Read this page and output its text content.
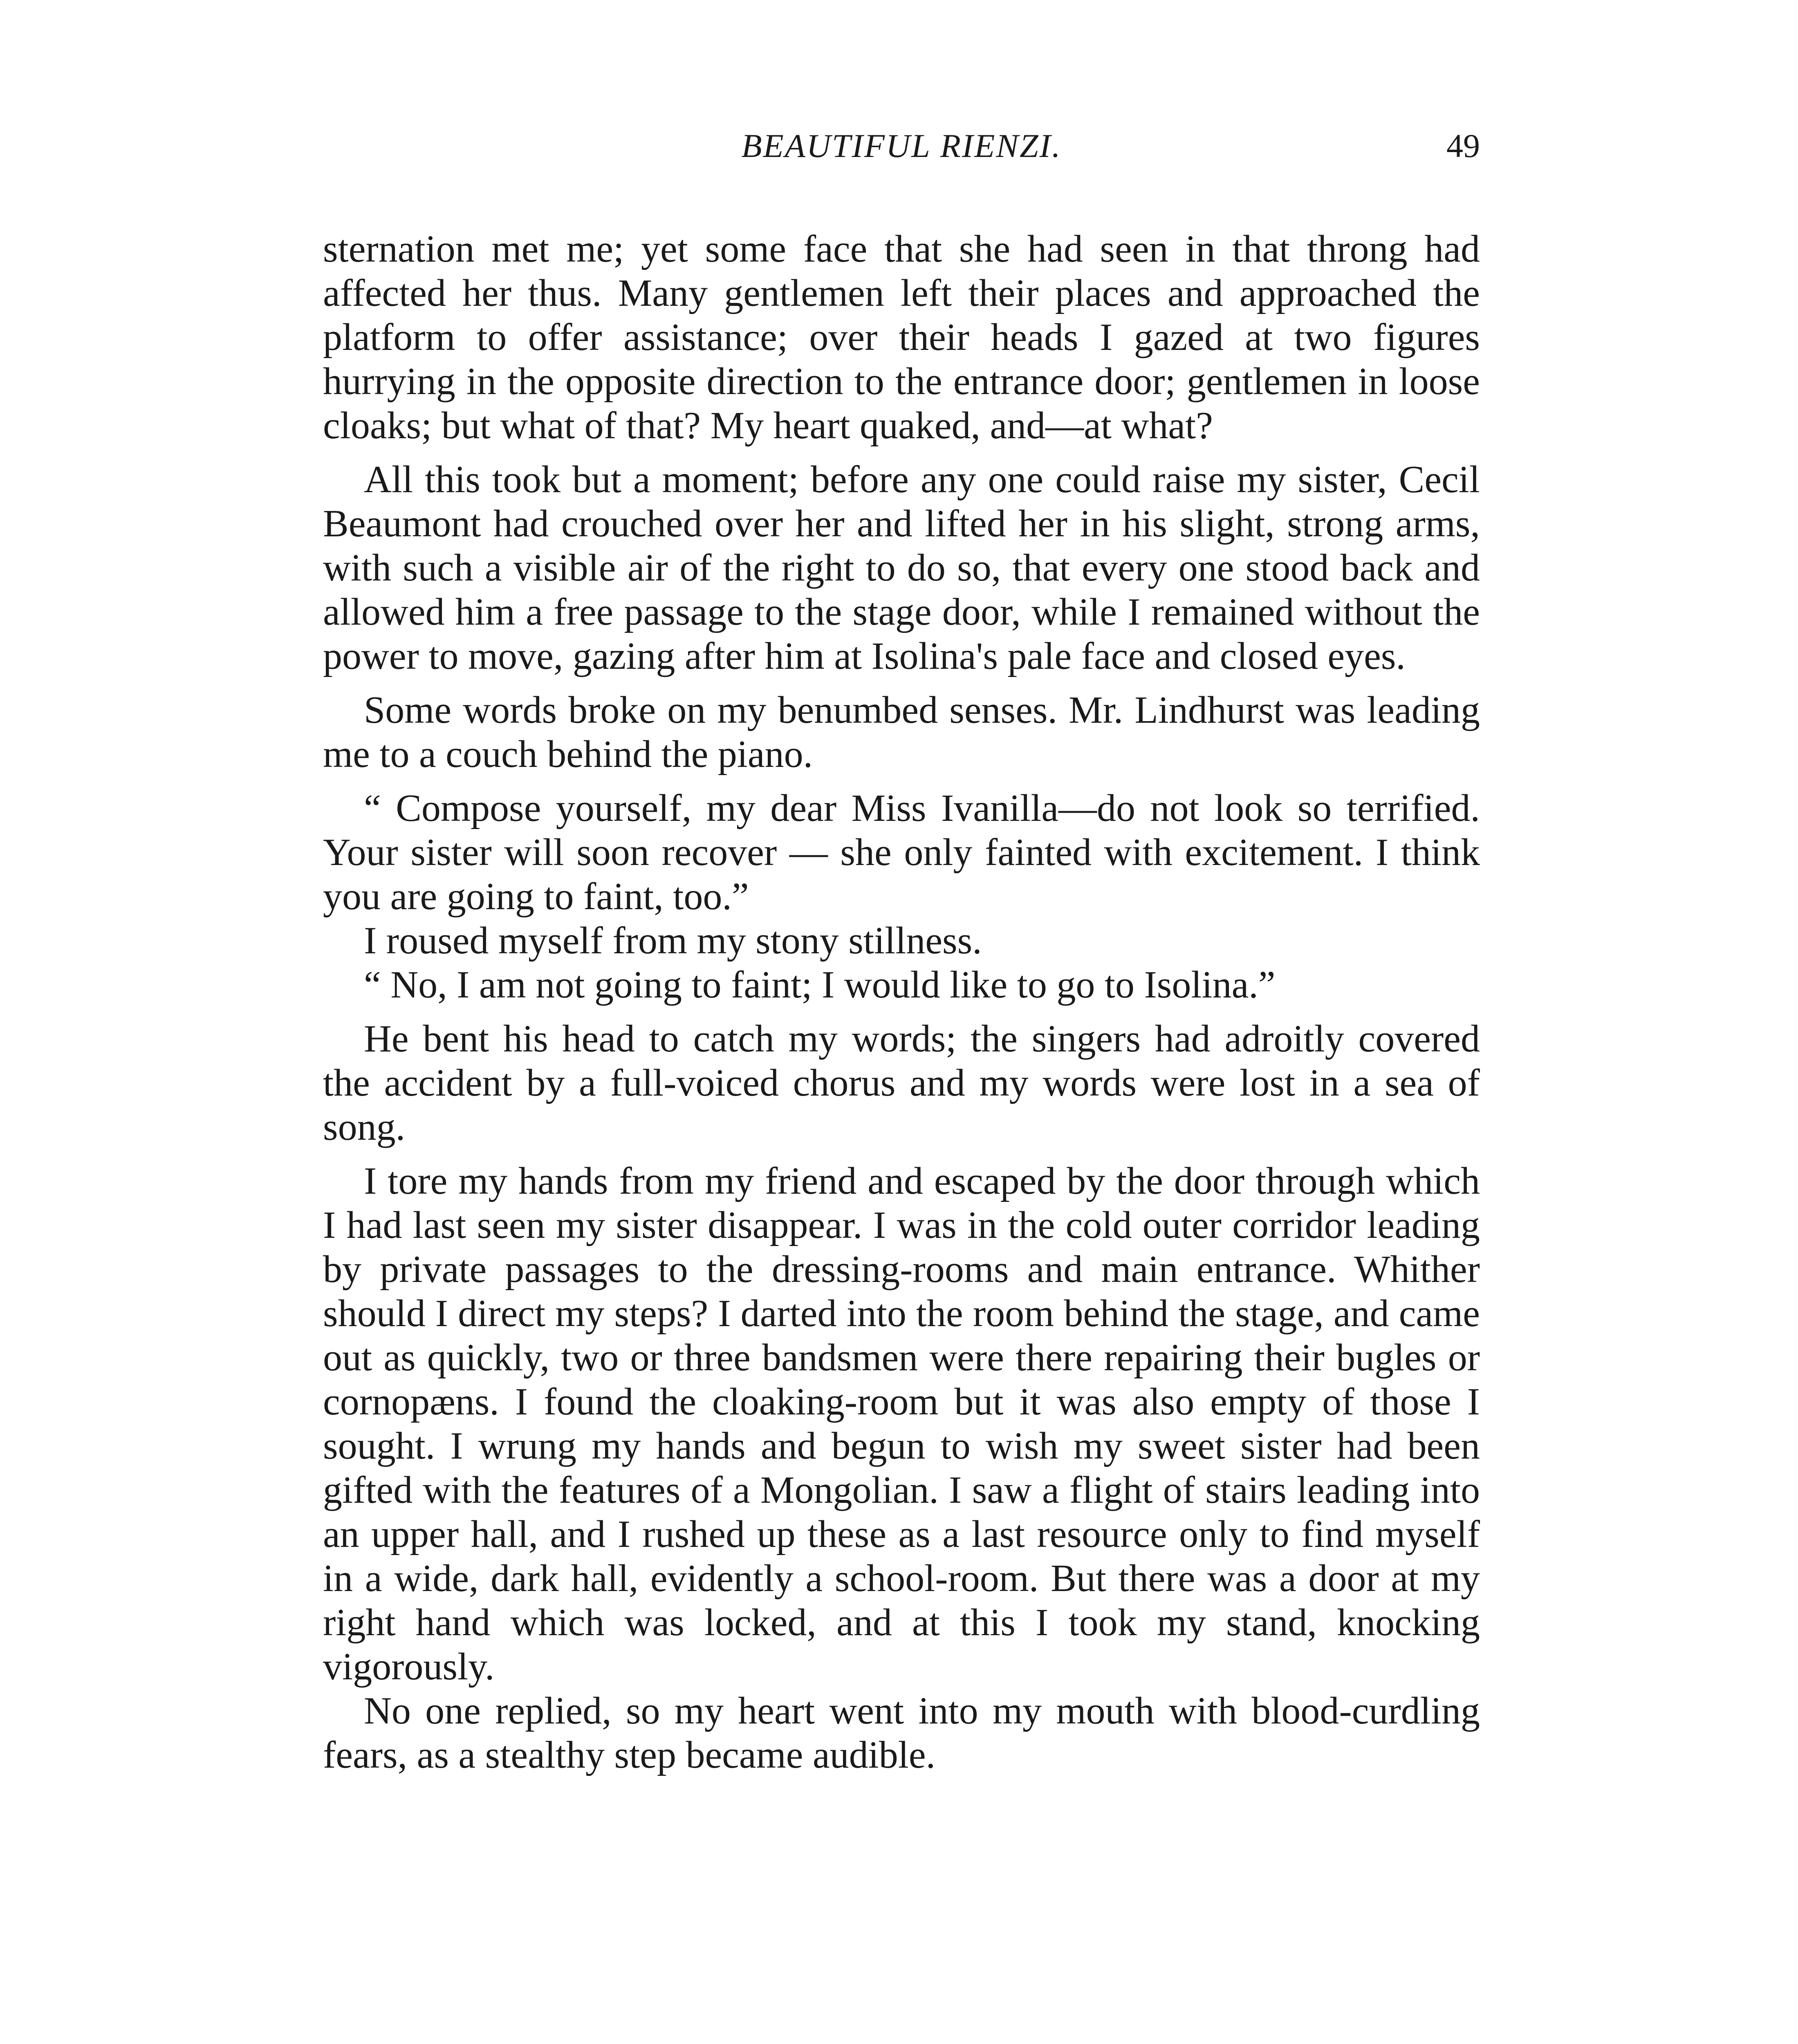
BEAUTIFUL RIENZI.	49

sternation met me; yet some face that she had seen in that throng had affected her thus. Many gentlemen left their places and approached the platform to offer assistance; over their heads I gazed at two figures hurrying in the opposite direction to the entrance door; gentlemen in loose cloaks; but what of that? My heart quaked, and—at what?

All this took but a moment; before any one could raise my sister, Cecil Beaumont had crouched over her and lifted her in his slight, strong arms, with such a visible air of the right to do so, that every one stood back and allowed him a free passage to the stage door, while I remained without the power to move, gazing after him at Isolina's pale face and closed eyes.

Some words broke on my benumbed senses. Mr. Lindhurst was leading me to a couch behind the piano.

“ Compose yourself, my dear Miss Ivanilla—do not look so terrified. Your sister will soon recover — she only fainted with excitement. I think you are going to faint, too.”

I roused myself from my stony stillness.

“ No, I am not going to faint; I would like to go to Isolina.”

He bent his head to catch my words; the singers had adroitly covered the accident by a full-voiced chorus and my words were lost in a sea of song.

I tore my hands from my friend and escaped by the door through which I had last seen my sister disappear. I was in the cold outer corridor leading by private passages to the dressing-rooms and main entrance. Whither should I direct my steps? I darted into the room behind the stage, and came out as quickly, two or three bandsmen were there repairing their bugles or cornopæns. I found the cloaking-room but it was also empty of those I sought. I wrung my hands and begun to wish my sweet sister had been gifted with the features of a Mongolian. I saw a flight of stairs leading into an upper hall, and I rushed up these as a last resource only to find myself in a wide, dark hall, evidently a school-room. But there was a door at my right hand which was locked, and at this I took my stand, knocking vigorously.

No one replied, so my heart went into my mouth with blood-curdling fears, as a stealthy step became audible.
